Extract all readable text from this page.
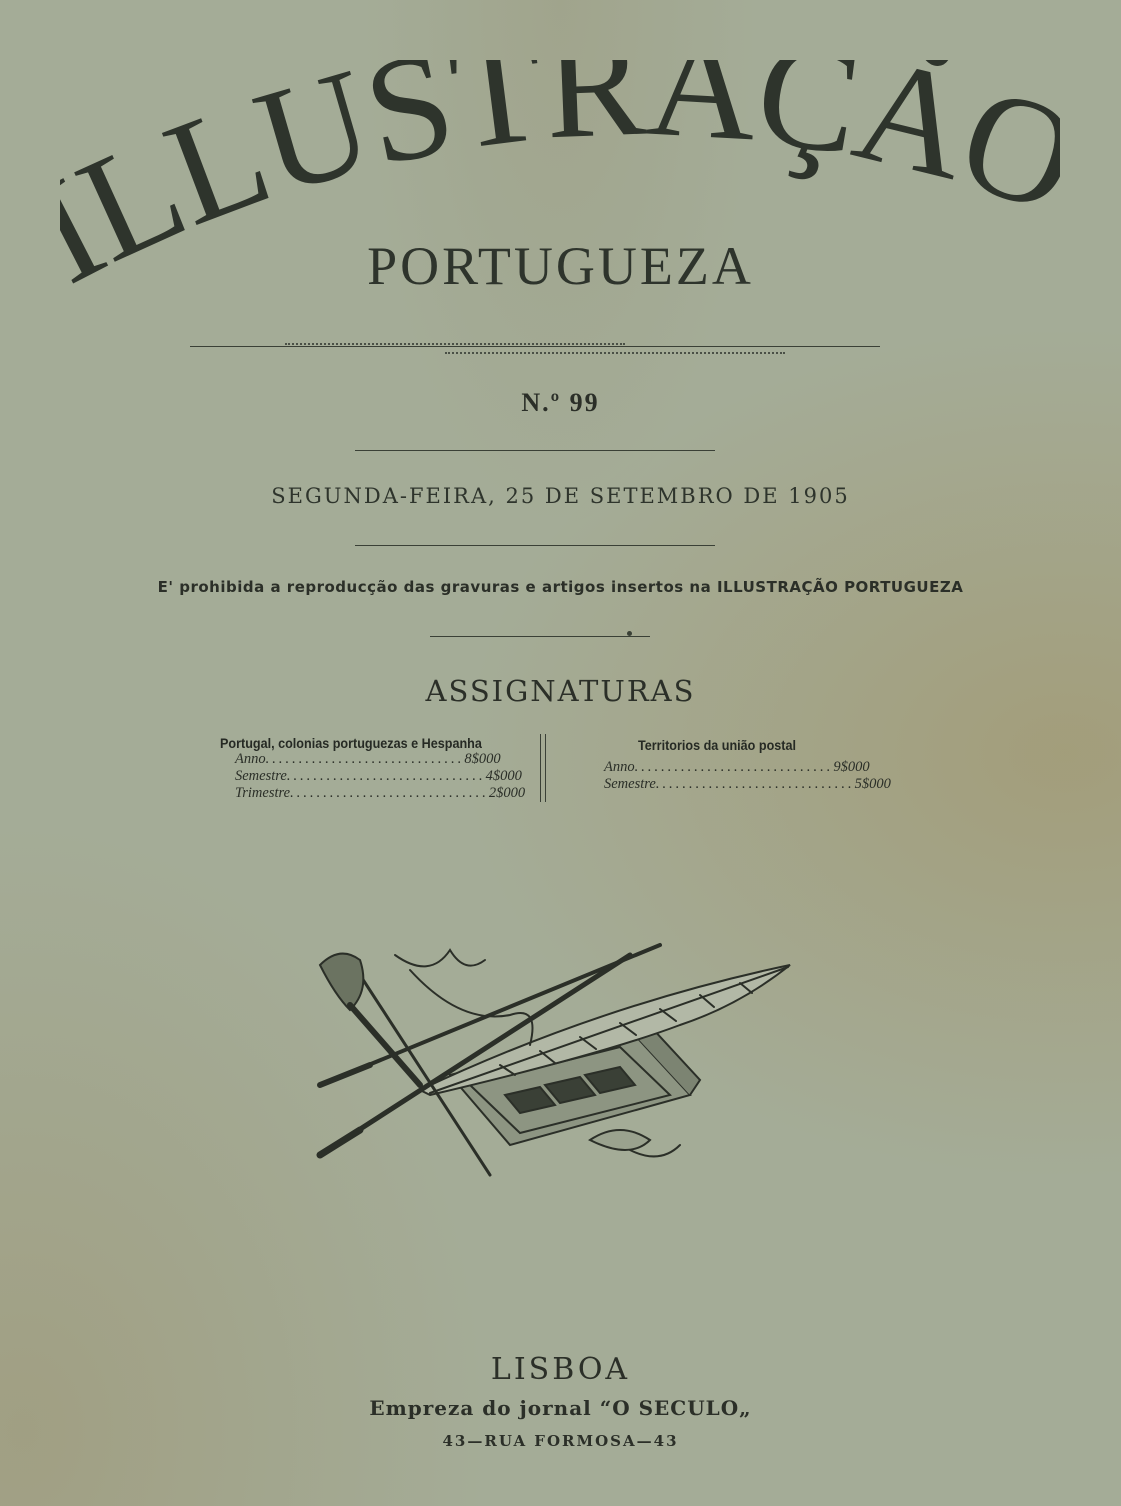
LLUSTRAÇÃ
PORTUGUEZA
N.º 99
SEGUNDA-FEIRA, 25 DE SETEMBRO DE 1905
E' prohibida a reproducção das gravuras e artigos insertos na ILLUSTRAÇÃO PORTUGUEZA
ASSIGNATURAS
Portugal, colonias portuguezas e Hespanha
Anno .............................. 8$000
Semestre .............................. 4$000
Trimestre .............................. 2$000
Territorios da união postal
Anno .............................. 9$000
Semestre .............................. 5$000
LISBOA
Empreza do jornal “O SECULO„
43—RUA FORMOSA—43
